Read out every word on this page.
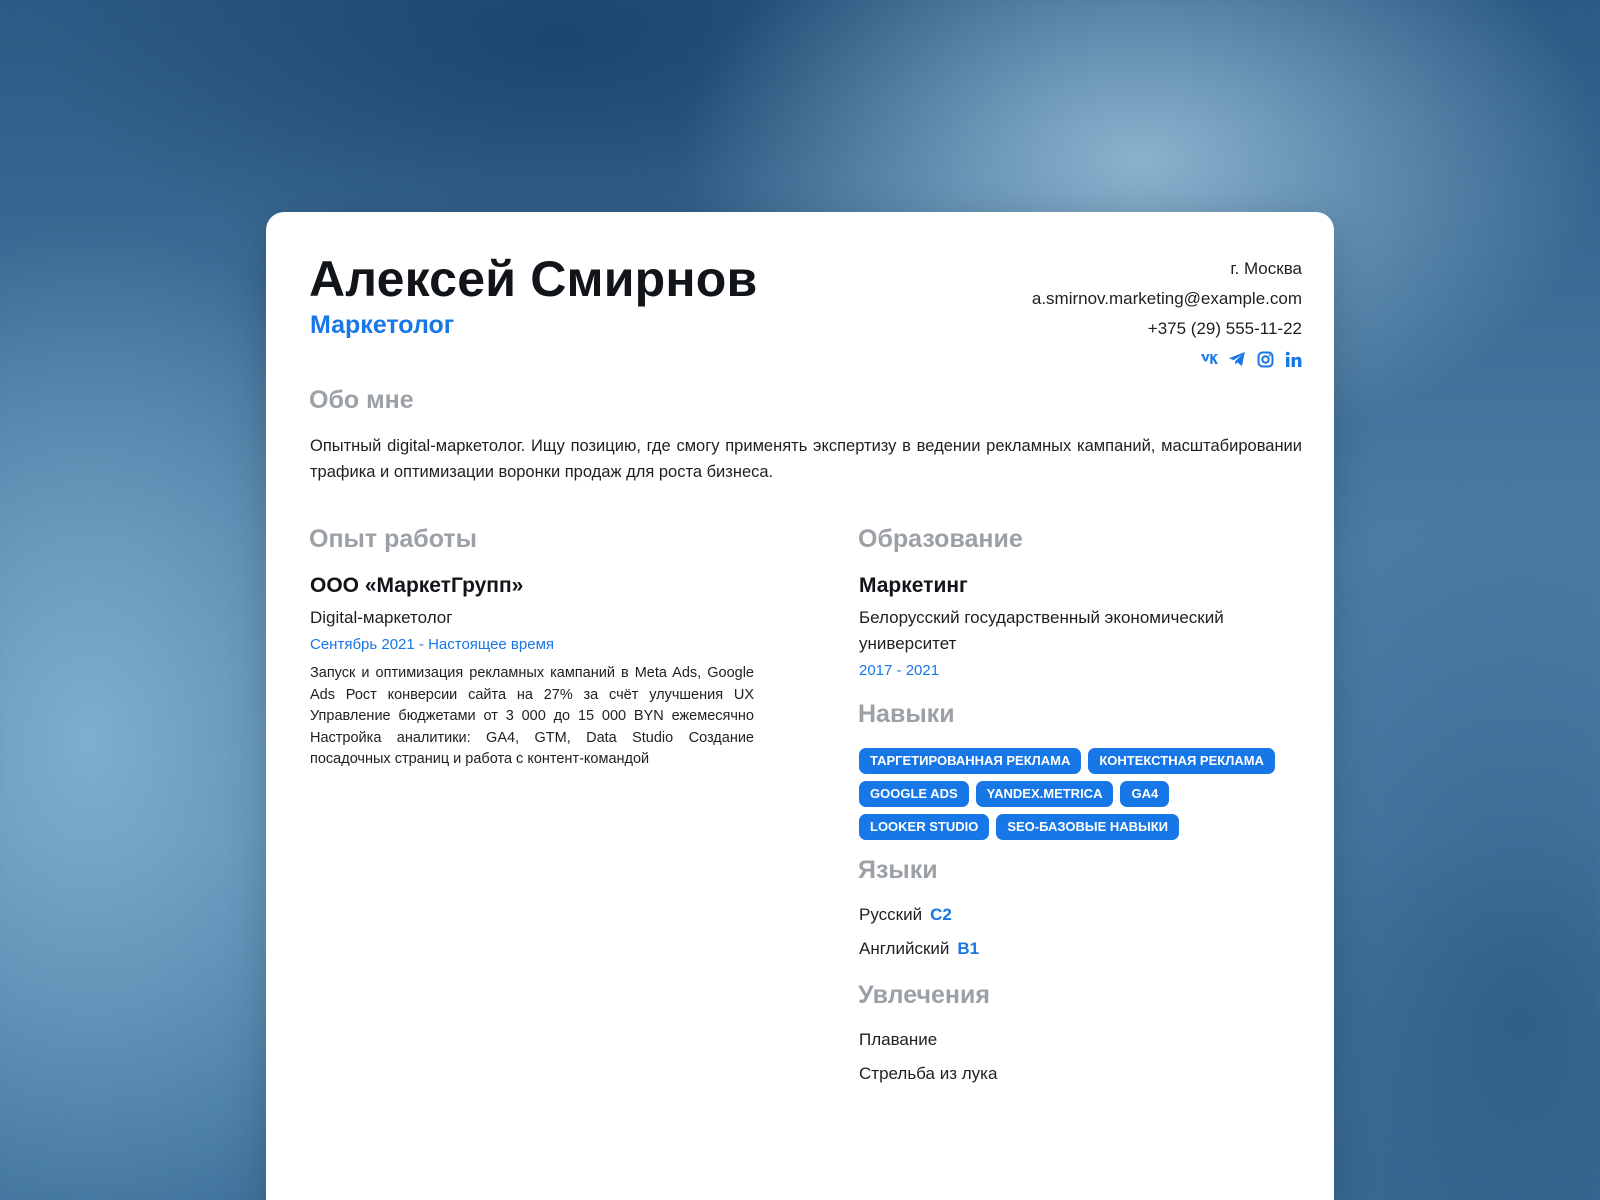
Алексей Смирнов
Маркетолог
г. Москва
a.smirnov.marketing@example.com
+375 (29) 555-11-22
Обо мне

Опытный digital-маркетолог. Ищу позицию, где смогу применять экспертизу в ведении рекламных кампаний, масштабировании трафика и оптимизации воронки продаж для роста бизнеса.

Опыт работы
ООО «МаркетГрупп»
Digital-маркетолог
Сентябрь 2021 - Настоящее время

Запуск и оптимизация рекламных кампаний в Meta Ads, Google Ads Рост конверсии сайта на 27% за счёт улучшения UX Управление бюджетами от 3 000 до 15 000 BYN ежемесячно Настройка аналитики: GA4, GTM, Data Studio Создание посадочных страниц и работа с контент-командой

Образование
Маркетинг

Белорусский государственный экономический университет

2017 - 2021
Навыки
ТАРГЕТИРОВАННАЯ РЕКЛАМА	КОНТЕКСТНАЯ РЕКЛАМА
GOOGLE ADS	YANDEX.METRICA	GA4
LOOKER STUDIO	SEO-БАЗОВЫЕ НАВЫКИ
Языки
Русский C2
Английский B1
Увлечения
Плавание
Стрельба из лука
